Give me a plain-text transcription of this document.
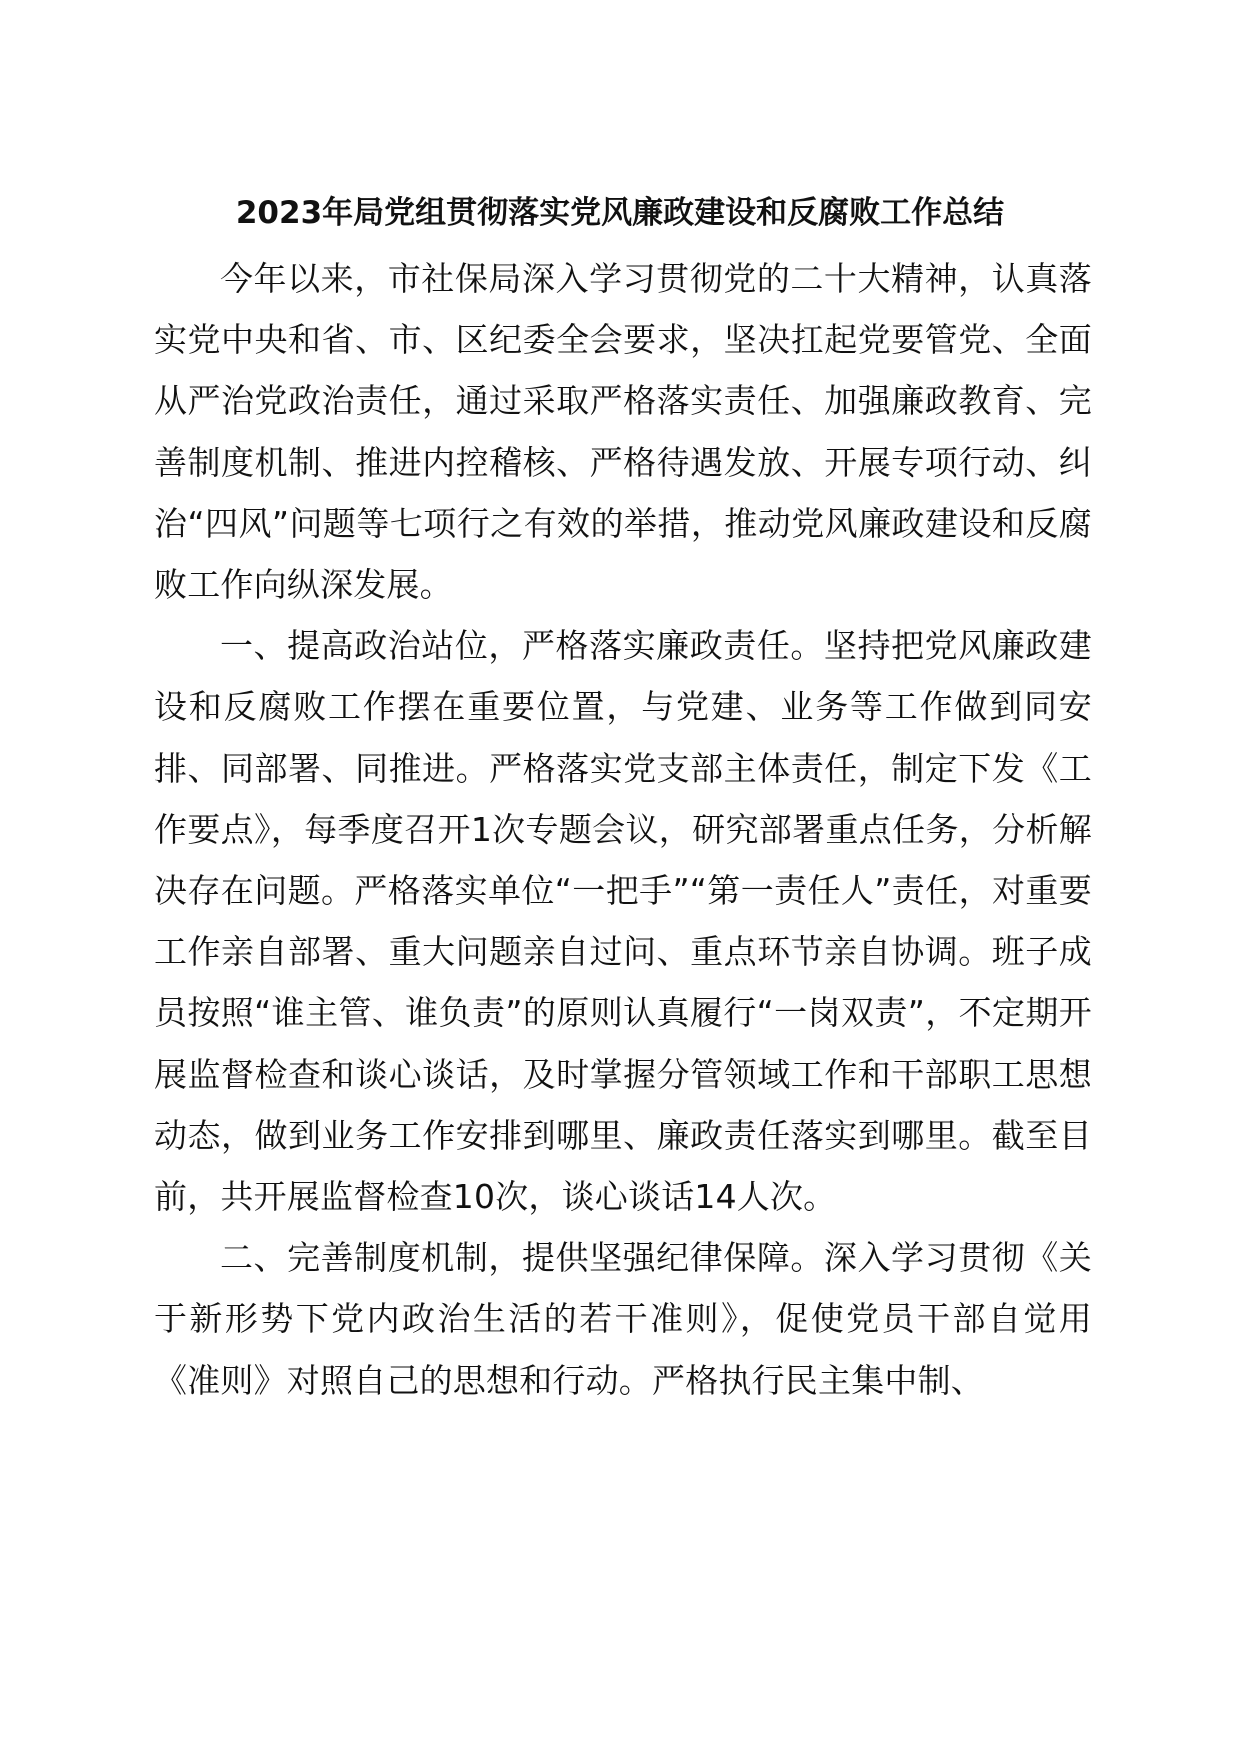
2023年局党组贯彻落实党风廉政建设和反腐败工作总结

今年以来，市社保局深入学习贯彻党的二十大精神，认真落实党中央和省、市、区纪委全会要求，坚决扛起党要管党、全面从严治党政治责任，通过采取严格落实责任、加强廉政教育、完善制度机制、推进内控稽核、严格待遇发放、开展专项行动、纠治“四风”问题等七项行之有效的举措，推动党风廉政建设和反腐败工作向纵深发展。

一、提高政治站位，严格落实廉政责任。坚持把党风廉政建设和反腐败工作摆在重要位置，与党建、业务等工作做到同安排、同部署、同推进。严格落实党支部主体责任，制定下发《工作要点》，每季度召开1次专题会议，研究部署重点任务，分析解决存在问题。严格落实单位“一把手”“第一责任人”责任，对重要工作亲自部署、重大问题亲自过问、重点环节亲自协调。班子成员按照“谁主管、谁负责”的原则认真履行“一岗双责”，不定期开展监督检查和谈心谈话，及时掌握分管领域工作和干部职工思想动态，做到业务工作安排到哪里、廉政责任落实到哪里。截至目前，共开展监督检查10次，谈心谈话14人次。

二、完善制度机制，提供坚强纪律保障。深入学习贯彻《关于新形势下党内政治生活的若干准则》，促使党员干部自觉用《准则》对照自己的思想和行动。严格执行民主集中制、
